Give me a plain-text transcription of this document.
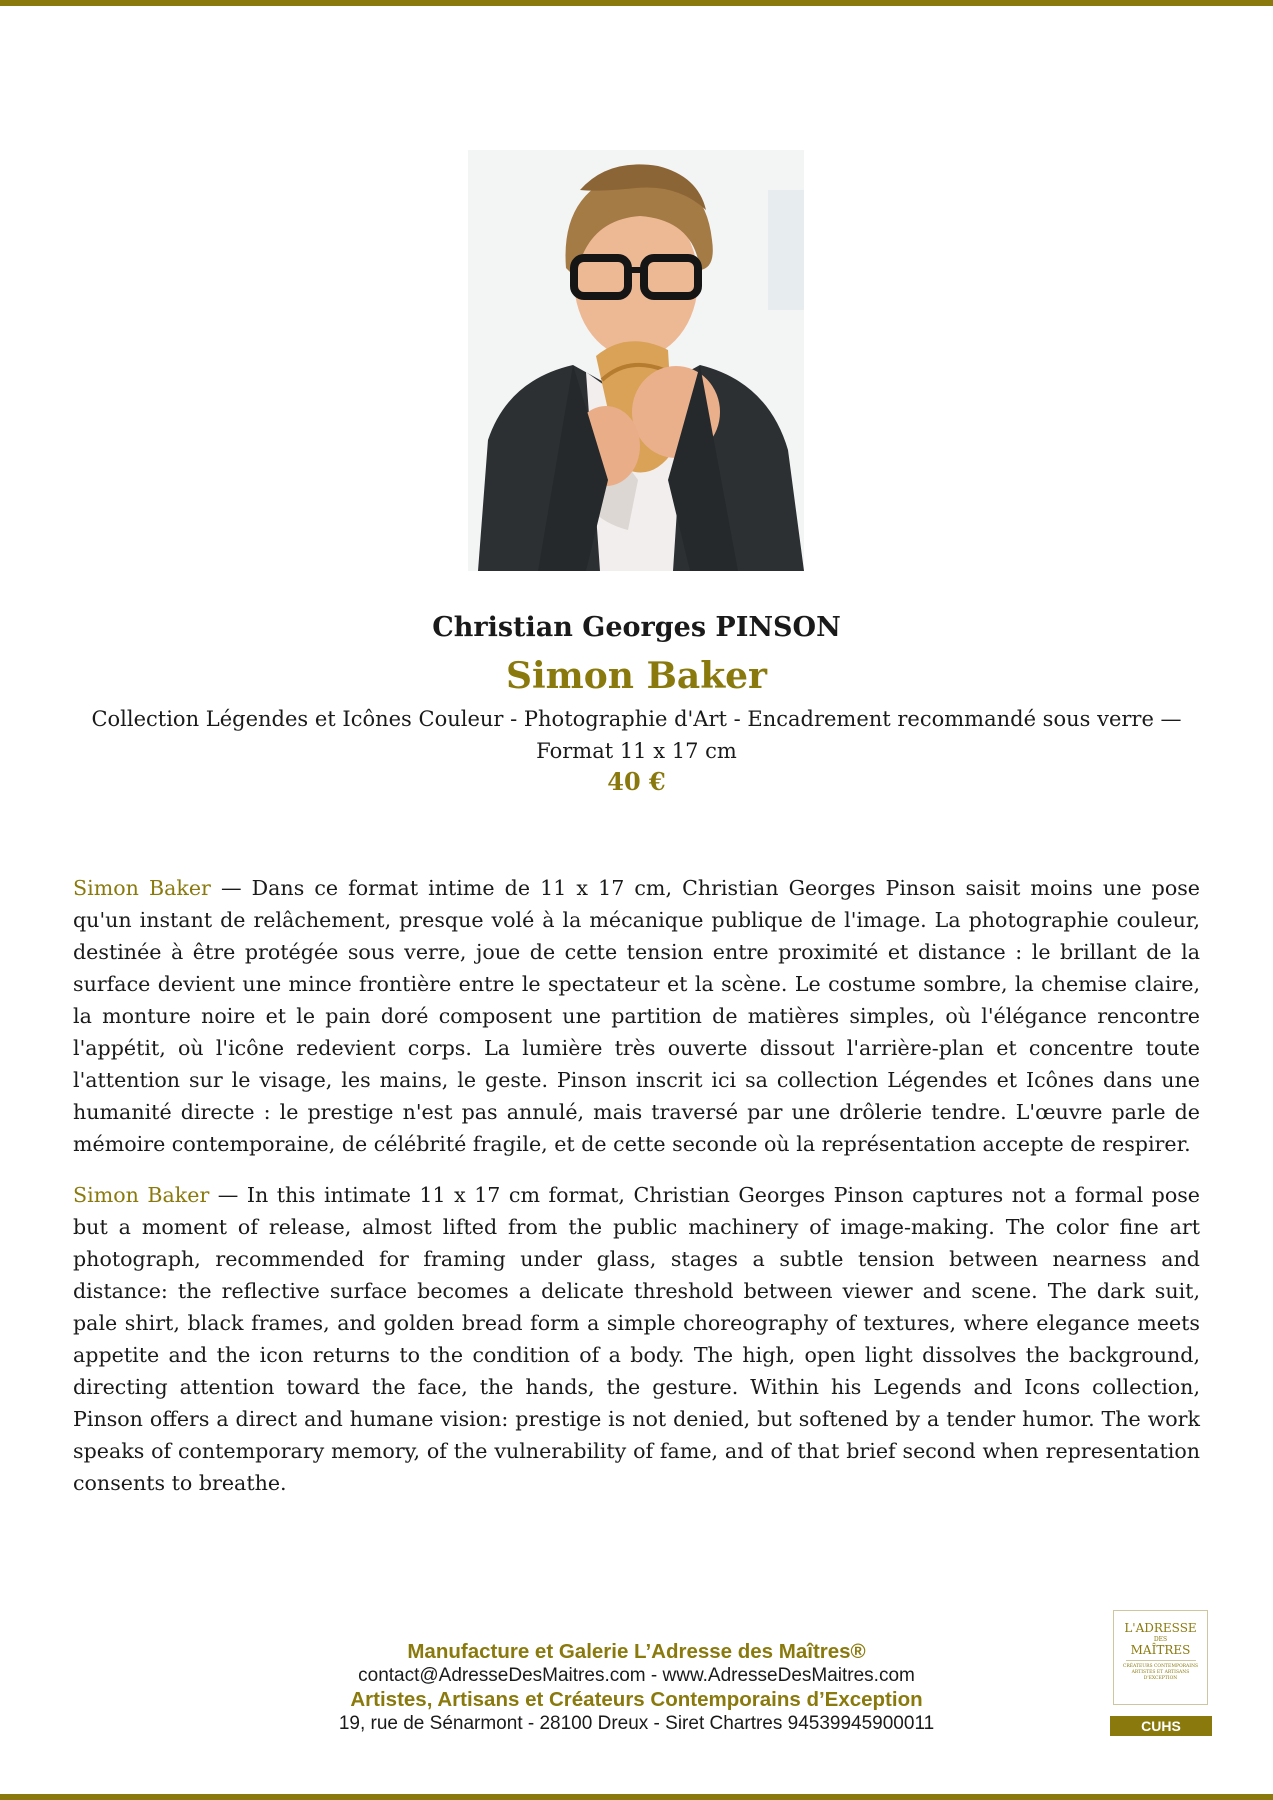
Christian Georges PINSON
Simon Baker
Collection Légendes et Icônes Couleur - Photographie d'Art - Encadrement recommandé sous verre — Format 11 x 17 cm
40 €

Simon Baker — Dans ce format intime de 11 x 17 cm, Christian Georges Pinson saisit moins une pose qu'un instant de relâchement, presque volé à la mécanique publique de l'image. La photographie couleur, destinée à être protégée sous verre, joue de cette tension entre proximité et distance : le brillant de la surface devient une mince frontière entre le spectateur et la scène. Le costume sombre, la chemise claire, la monture noire et le pain doré composent une partition de matières simples, où l'élégance rencontre l'appétit, où l'icône redevient corps. La lumière très ouverte dissout l'arrière-plan et concentre toute l'attention sur le visage, les mains, le geste. Pinson inscrit ici sa collection Légendes et Icônes dans une humanité directe : le prestige n'est pas annulé, mais traversé par une drôlerie tendre. L'œuvre parle de mémoire contemporaine, de célébrité fragile, et de cette seconde où la représentation accepte de respirer.

Simon Baker — In this intimate 11 x 17 cm format, Christian Georges Pinson captures not a formal pose but a moment of release, almost lifted from the public machinery of image-making. The color fine art photograph, recommended for framing under glass, stages a subtle tension between nearness and distance: the reflective surface becomes a delicate threshold between viewer and scene. The dark suit, pale shirt, black frames, and golden bread form a simple choreography of textures, where elegance meets appetite and the icon returns to the condition of a body. The high, open light dissolves the background, directing attention toward the face, the hands, the gesture. Within his Legends and Icons collection, Pinson offers a direct and humane vision: prestige is not denied, but softened by a tender humor. The work speaks of contemporary memory, of the vulnerability of fame, and of that brief second when representation consents to breathe.

Manufacture et Galerie L’Adresse des Maîtres®
contact@AdresseDesMaitres.com - www.AdresseDesMaitres.com
Artistes, Artisans et Créateurs Contemporains d’Exception
19, rue de Sénarmont - 28100 Dreux - Siret Chartres 94539945900011
L'ADRESSE
DES
MAÎTRES
CRÉATEURS CONTEMPORAINS ARTISTES ET ARTISANS D'EXCEPTION
CUHS
